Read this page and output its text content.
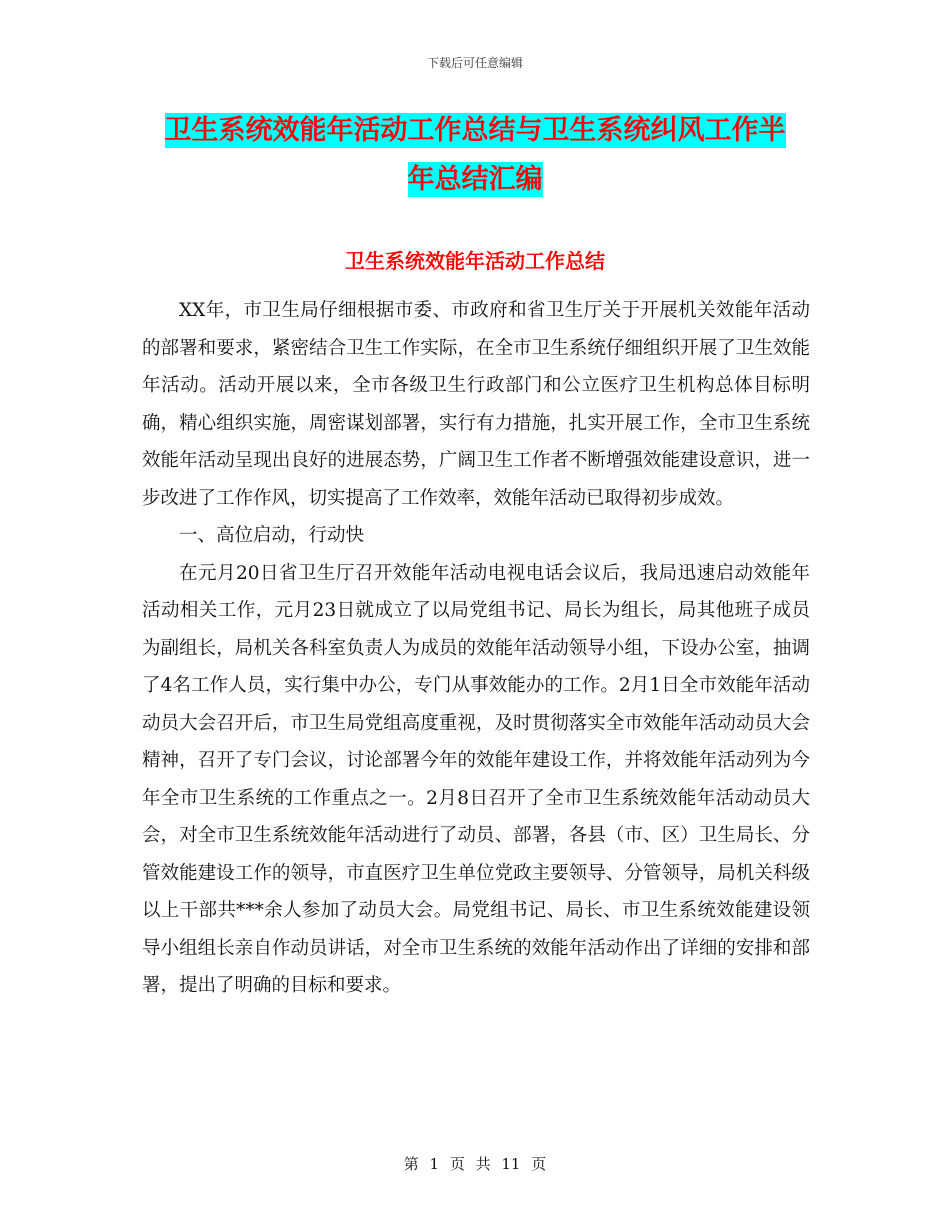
下载后可任意编辑
卫生系统效能年活动工作总结与卫生系统纠风工作半
年总结汇编
卫生系统效能年活动工作总结

XX年，市卫生局仔细根据市委、市政府和省卫生厅关于开展机关效能年活动的部署和要求，紧密结合卫生工作实际，在全市卫生系统仔细组织开展了卫生效能年活动。活动开展以来，全市各级卫生行政部门和公立医疗卫生机构总体目标明确，精心组织实施，周密谋划部署，实行有力措施，扎实开展工作，全市卫生系统效能年活动呈现出良好的进展态势，广阔卫生工作者不断增强效能建设意识，进一步改进了工作作风，切实提高了工作效率，效能年活动已取得初步成效。

一、高位启动，行动快

在元月20日省卫生厅召开效能年活动电视电话会议后，我局迅速启动效能年活动相关工作，元月23日就成立了以局党组书记、局长为组长，局其他班子成员为副组长，局机关各科室负责人为成员的效能年活动领导小组，下设办公室，抽调了4名工作人员，实行集中办公，专门从事效能办的工作。2月1日全市效能年活动动员大会召开后，市卫生局党组高度重视，及时贯彻落实全市效能年活动动员大会精神，召开了专门会议，讨论部署今年的效能年建设工作，并将效能年活动列为今年全市卫生系统的工作重点之一。2月8日召开了全市卫生系统效能年活动动员大会，对全市卫生系统效能年活动进行了动员、部署，各县（市、区）卫生局长、分管效能建设工作的领导，市直医疗卫生单位党政主要领导、分管领导，局机关科级以上干部共***余人参加了动员大会。局党组书记、局长、市卫生系统效能建设领导小组组长亲自作动员讲话，对全市卫生系统的效能年活动作出了详细的安排和部署，提出了明确的目标和要求。

第 1 页 共 11 页
